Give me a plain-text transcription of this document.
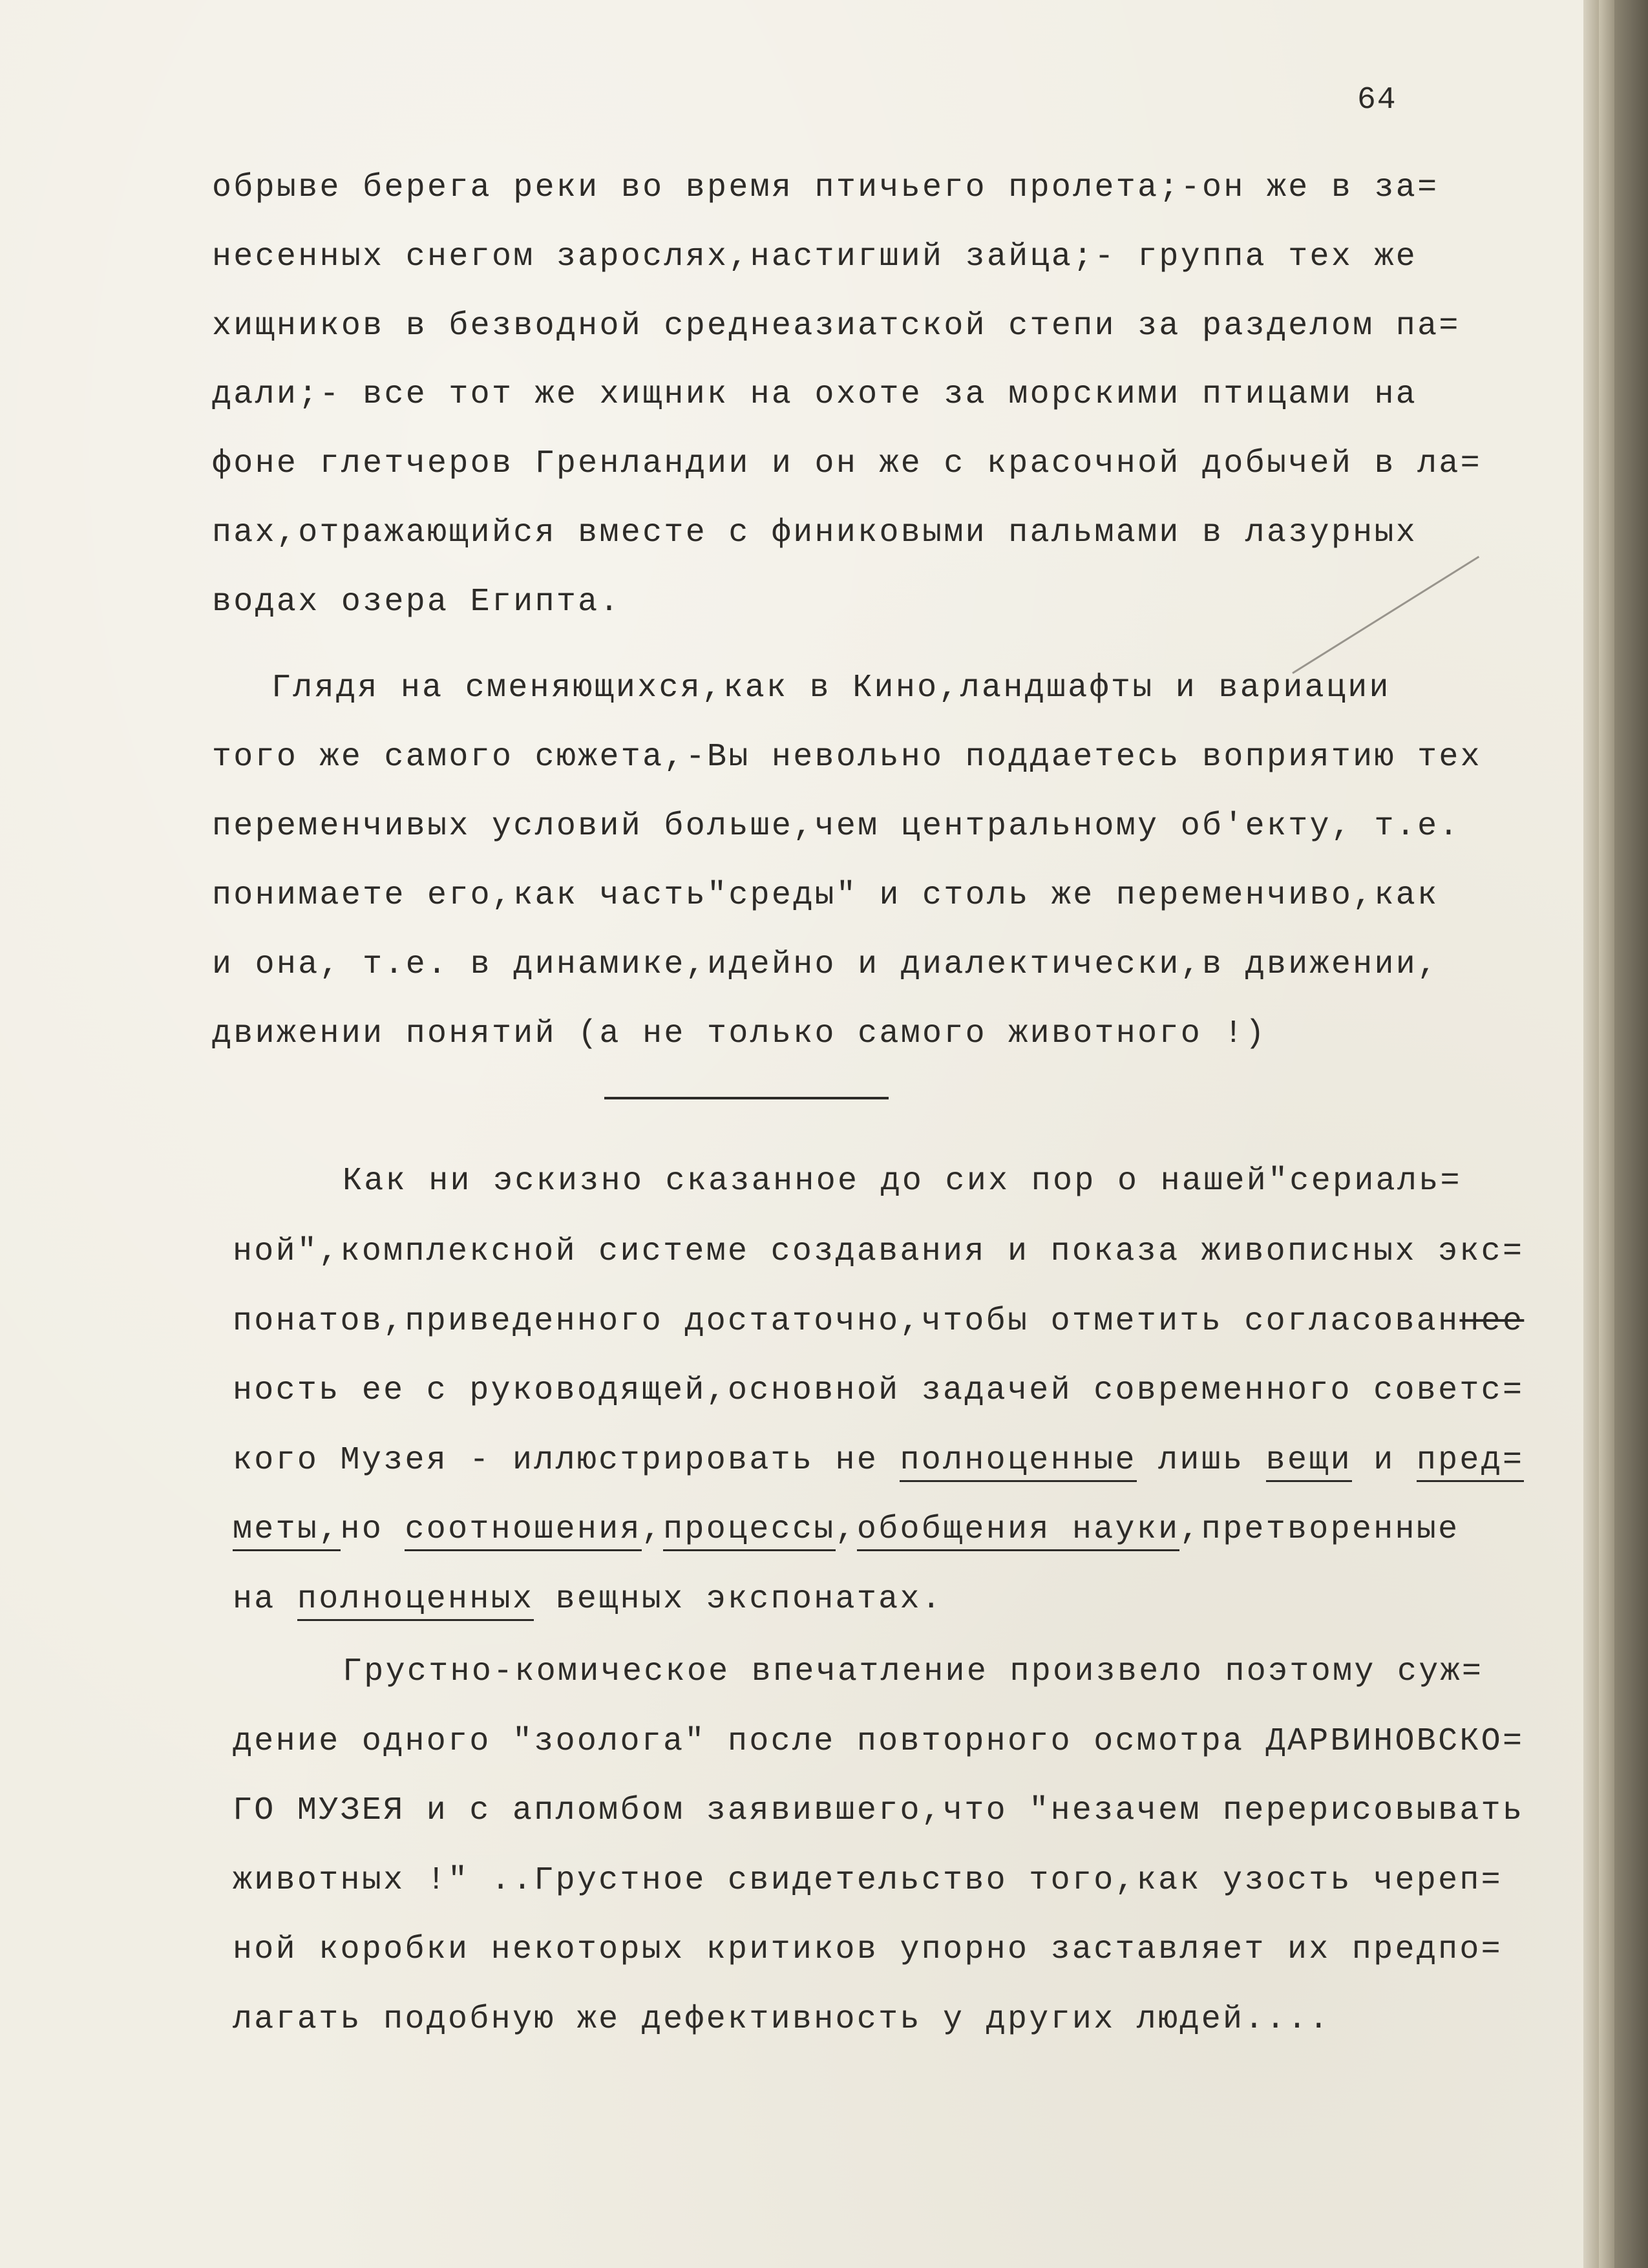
64
обрыве берега реки во время птичьего пролета;-он же в за=
несенных снегом зарослях,настигший зайца;- группа тех же
хищников в безводной среднеазиатской степи за разделом па=
дали;- все тот же хищник на охоте за морскими птицами на
фоне глетчеров Гренландии и он же с красочной добычей в ла=
пах,отражающийся вместе с финиковыми пальмами в лазурных
водах озера Египта.
Глядя на сменяющихся,как в Кино,ландшафты и вариации
того же самого сюжета,-Вы невольно поддаетесь воприятию тех
переменчивых условий больше,чем центральному об'екту, т.е.
понимаете его,как часть"среды" и столь же переменчиво,как
и она, т.е. в динамике,идейно и диалектически,в движении,
движении понятий (а не только самого животного !)
Как ни эскизно сказанное до сих пор о нашей"сериаль=
ной",комплексной системе создавания и показа живописных экс=
понатов,приведенного достаточно,чтобы отметить согласованнее
ность ее с руководящей,основной задачей современного советс=
кого Музея - иллюстрировать не полноценные лишь вещи и пред=
меты,но соотношения,процессы,обобщения науки,претворенные
на полноценных вещных экспонатах.
Грустно-комическое впечатление произвело поэтому суж=
дение одного "зоолога" после повторного осмотра ДАРВИНОВСКО=
ГО МУЗЕЯ и с апломбом заявившего,что "незачем перерисовывать
животных !" ..Грустное свидетельство того,как узость череп=
ной коробки некоторых критиков упорно заставляет их предпо=
лагать подобную же дефективность у других людей....
